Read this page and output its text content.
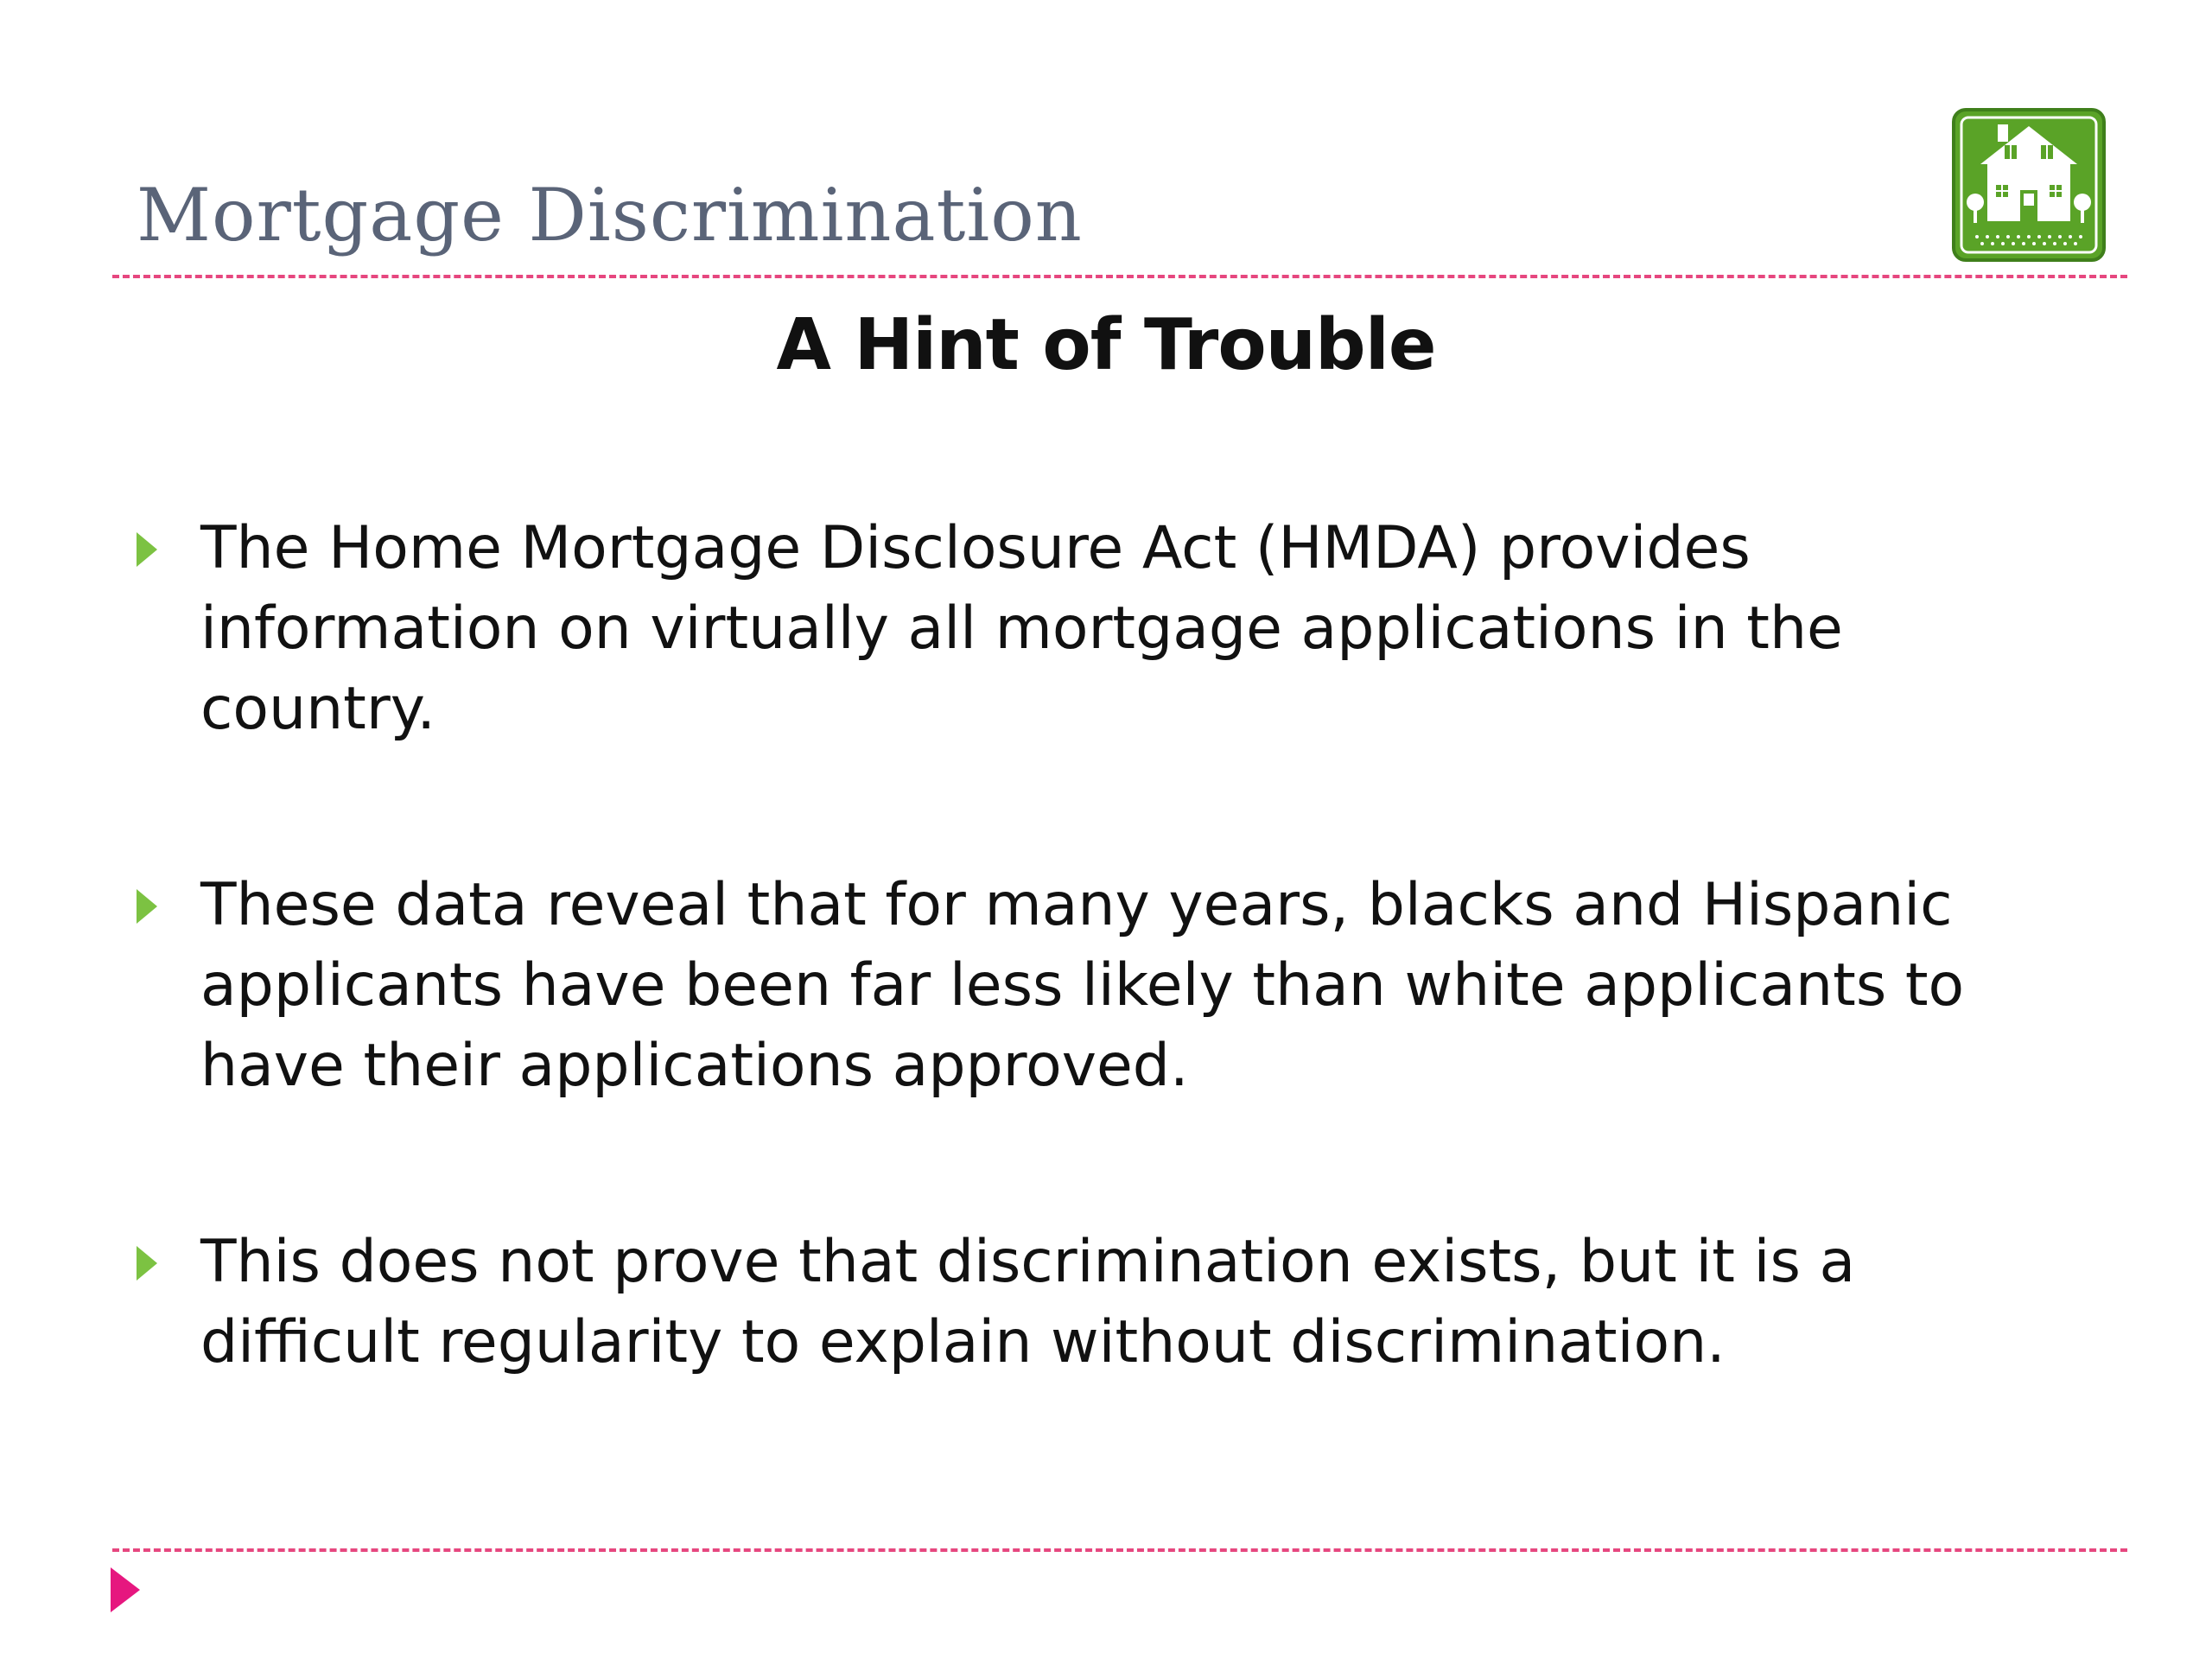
Mortgage Discrimination
A Hint of Trouble
The Home Mortgage Disclosure Act (HMDA) provides information on virtually all mortgage applications in the country.
These data reveal that for many years, blacks and Hispanic applicants have been far less likely than white applicants to have their applications approved.
This does not prove that discrimination exists, but it is a difficult regularity to explain without discrimination.
